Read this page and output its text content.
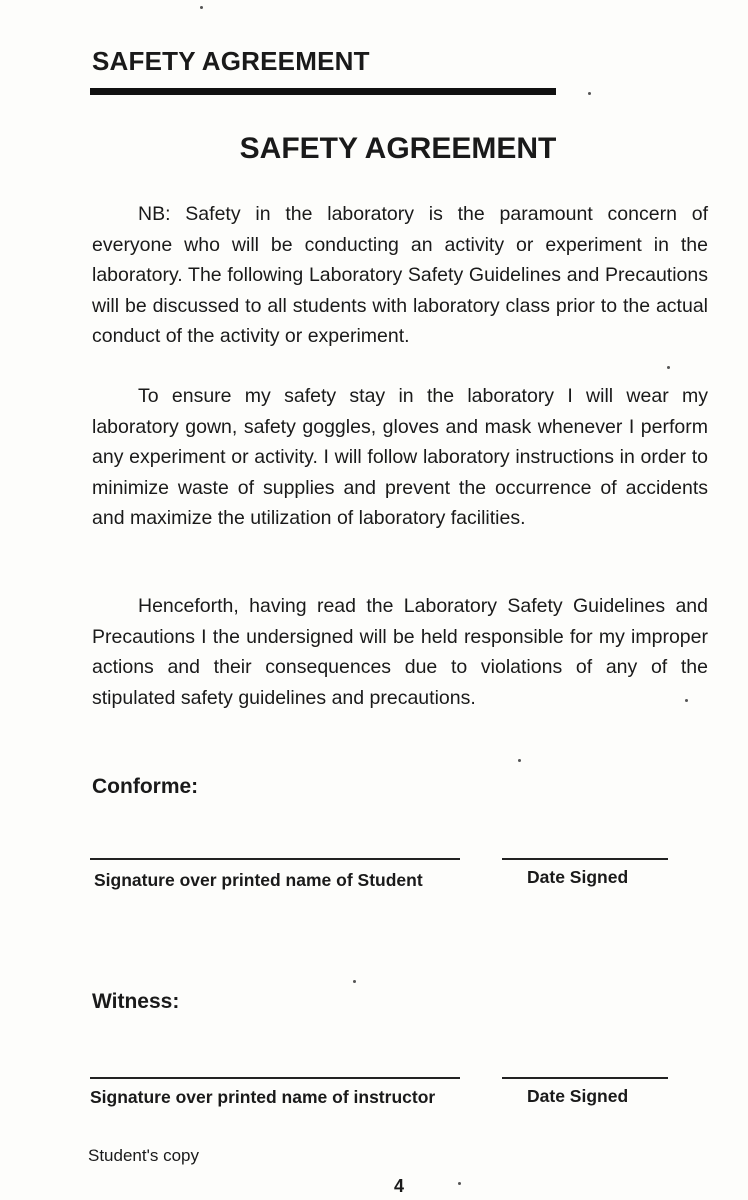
SAFETY AGREEMENT
SAFETY AGREEMENT

NB: Safety in the laboratory is the paramount concern of everyone who will be conducting an activity or experiment in the laboratory. The following Laboratory Safety Guidelines and Precautions will be discussed to all students with laboratory class prior to the actual conduct of the activity or experiment.

To ensure my safety stay in the laboratory I will wear my laboratory gown, safety goggles, gloves and mask whenever I perform any experiment or activity. I will follow laboratory instructions in order to minimize waste of supplies and prevent the occurrence of accidents and maximize the utilization of laboratory facilities.

Henceforth, having read the Laboratory Safety Guidelines and Precautions I the undersigned will be held responsible for my improper actions and their consequences due to violations of any of the stipulated safety guidelines and precautions.

Conforme:
Signature over printed name of Student	Date Signed
Witness:
Signature over printed name of instructor	Date Signed
Student's copy
4
